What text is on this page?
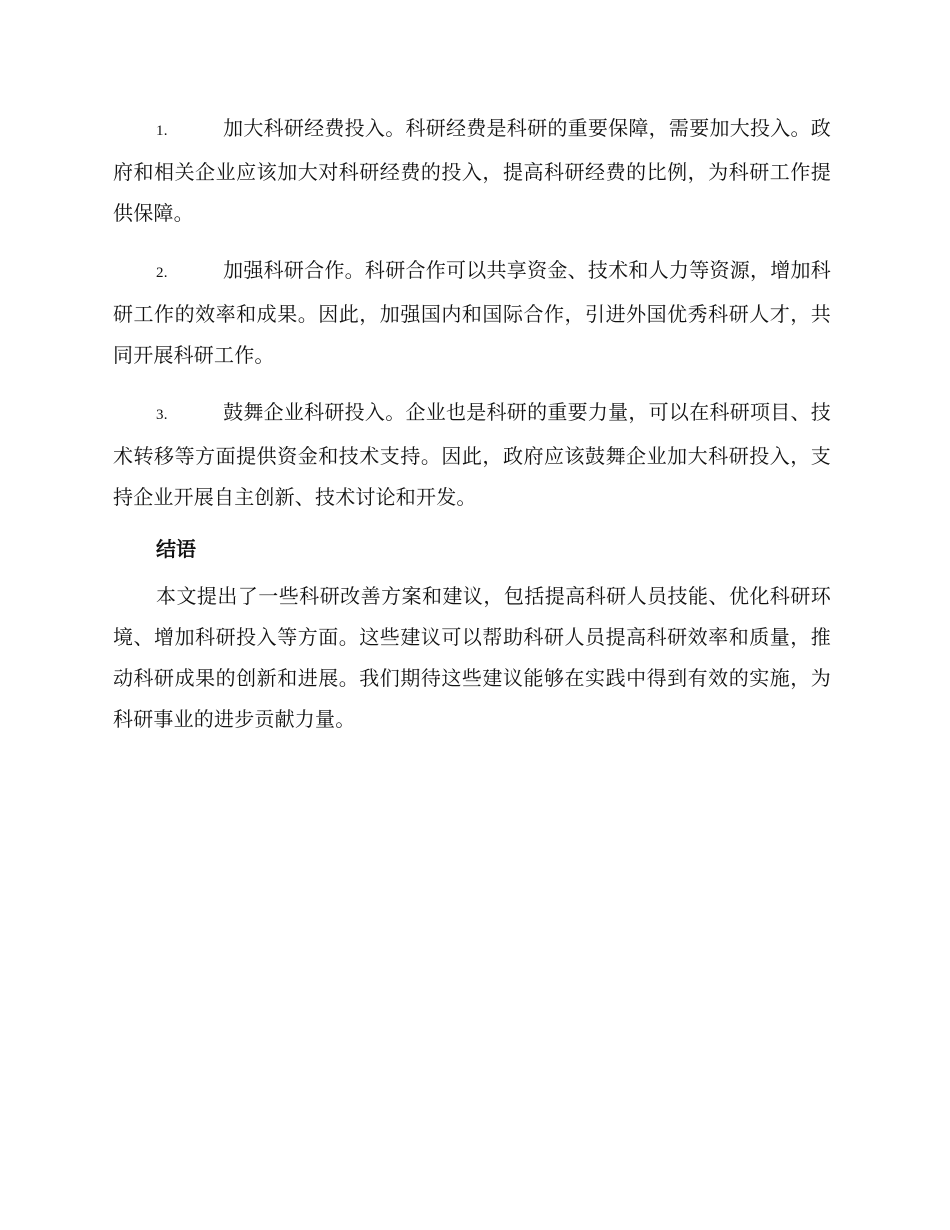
1.	加大科研经费投入。科研经费是科研的重要保障，需要加大投入。政府和相关企业应该加大对科研经费的投入，提高科研经费的比例，为科研工作提供保障。
2.	加强科研合作。科研合作可以共享资金、技术和人力等资源，增加科研工作的效率和成果。因此，加强国内和国际合作，引进外国优秀科研人才，共同开展科研工作。
3.	鼓舞企业科研投入。企业也是科研的重要力量，可以在科研项目、技术转移等方面提供资金和技术支持。因此，政府应该鼓舞企业加大科研投入，支持企业开展自主创新、技术讨论和开发。
结语

本文提出了一些科研改善方案和建议，包括提高科研人员技能、优化科研环境、增加科研投入等方面。这些建议可以帮助科研人员提高科研效率和质量，推动科研成果的创新和进展。我们期待这些建议能够在实践中得到有效的实施，为科研事业的进步贡献力量。
